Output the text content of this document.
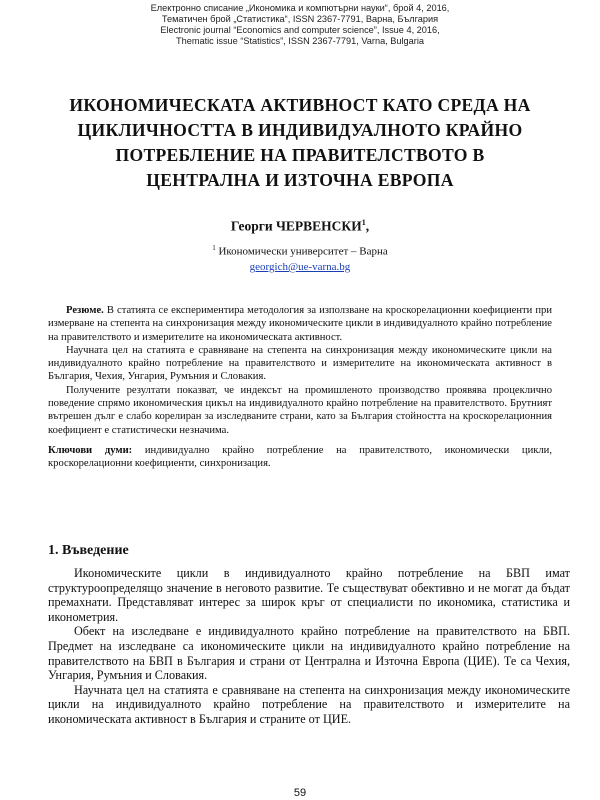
Електронно списание „Икономика и компютърни науки“, брой 4, 2016,
Тематичен брой „Статистика“, ISSN 2367-7791, Варна, България
Electronic journal “Economics and computer science”, Issue 4, 2016,
Thematic issue “Statistics”, ISSN 2367-7791, Varna, Bulgaria
ИКОНОМИЧЕСКАТА АКТИВНОСТ КАТО СРЕДА НА
ЦИКЛИЧНОСТТА В ИНДИВИДУАЛНОТО КРАЙНО
ПОТРЕБЛЕНИЕ НА ПРАВИТЕЛСТВОТО В
ЦЕНТРАЛНА И ИЗТОЧНА ЕВРОПА
Георги ЧЕРВЕНСКИ$^1$,
$^1$ Икономически университет – Варна
georgich@ue-varna.bg

Резюме. В статията се експериментира методология за използване на кроскорелационни коефициенти при измерване на степента на синхронизация между икономическите цикли в индивидуалното крайно потребление на правителството и измерителите на икономическата активност.

Научната цел на статията е сравняване на степента на синхронизация между икономическите цикли на индивидуалното крайно потребление на правителството и измерителите на икономическата активност в България, Чехия, Унгария, Румъния и Словакия.

Получените резултати показват, че индексът на промишленото производство проявява процеклично поведение спрямо икономическия цикъл на индивидуалното крайно потребление на правителството. Брутният вътрешен дълг е слабо корелиран за изследваните страни, като за България стойността на кроскорелационния коефициент е статистически незначима.

Ключови думи: индивидуално крайно потребление на правителството, икономически цикли, кроскорелационни коефициенти, синхронизация.

1. Въведение

Икономическите цикли в индивидуалното крайно потребление на БВП имат структуроопределящо значение в неговото развитие. Те съществуват обективно и не могат да бъдат премахнати. Представляват интерес за широк кръг от специалисти по икономика, статистика и иконометрия.

Обект на изследване е индивидуалното крайно потребление на правителството на БВП. Предмет на изследване са икономическите цикли на индивидуалното крайно потребление на правителството на БВП в България и страни от Централна и Източна Европа (ЦИЕ). Те са Чехия, Унгария, Румъния и Словакия.

Научната цел на статията е сравняване на степента на синхронизация между икономическите цикли на индивидуалното крайно потребление на правителството и измерителите на икономическата активност в България и страните от ЦИЕ.

59
